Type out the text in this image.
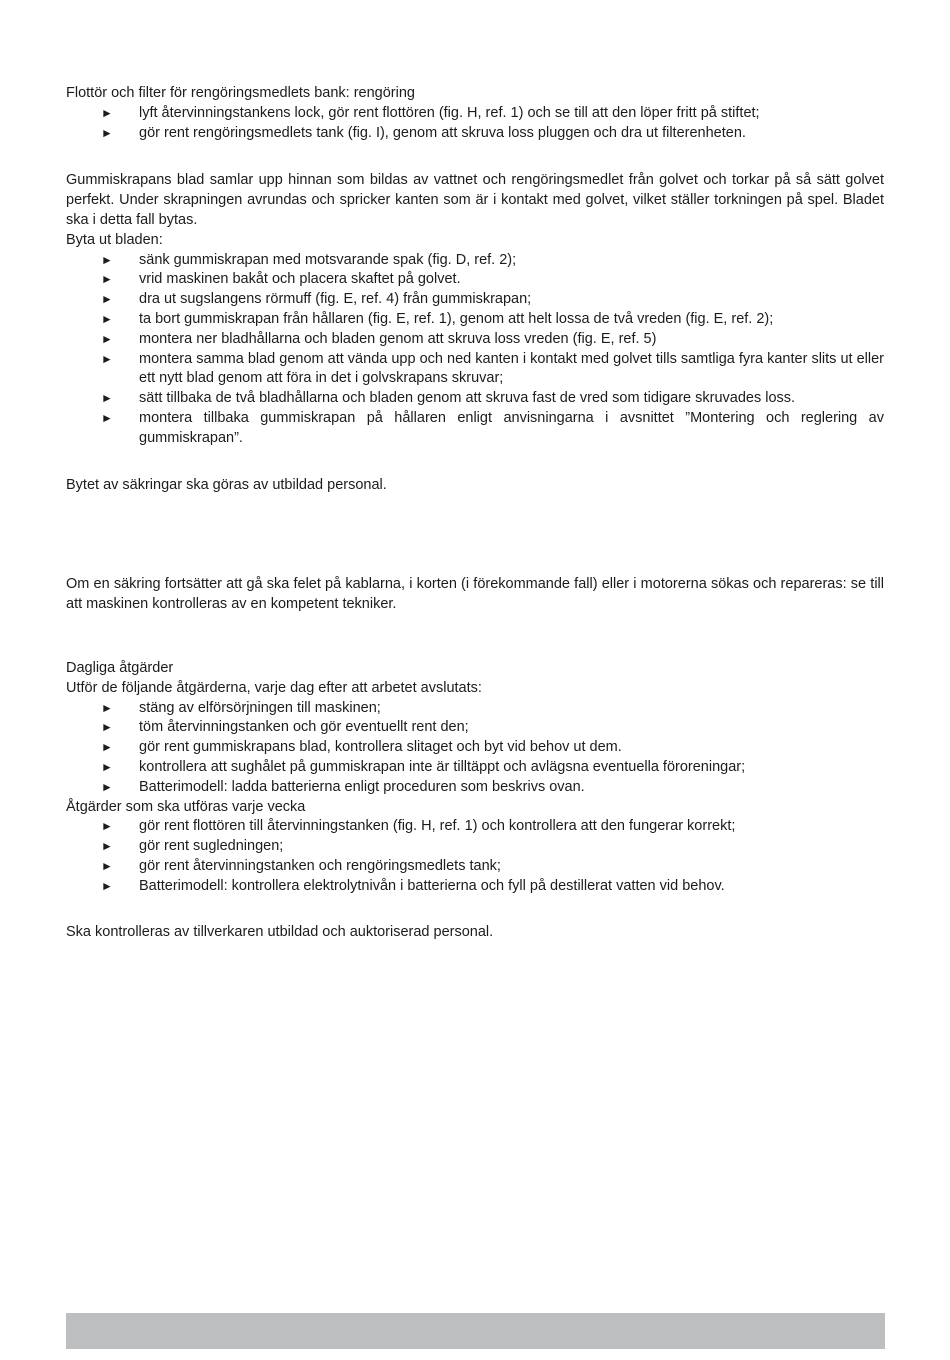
Flottör och filter för rengöringsmedlets bank: rengöring

► lyft återvinningstankens lock, gör rent flottören (fig. H, ref. 1) och se till att den löper fritt på stiftet;
► gör rent rengöringsmedlets tank (fig. I), genom att skruva loss pluggen och dra ut filterenheten.

Gummiskrapans blad samlar upp hinnan som bildas av vattnet och rengöringsmedlet från golvet och torkar på så sätt golvet perfekt. Under skrapningen avrundas och spricker kanten som är i kontakt med golvet, vilket ställer torkningen på spel. Bladet ska i detta fall bytas.

Byta ut bladen:

► sänk gummiskrapan med motsvarande spak (fig. D, ref. 2);
► vrid maskinen bakåt och placera skaftet på golvet.
► dra ut sugslangens rörmuff (fig. E, ref. 4) från gummiskrapan;
► ta bort gummiskrapan från hållaren (fig. E, ref. 1), genom att helt lossa de två vreden (fig. E, ref. 2);
► montera ner bladhållarna och bladen genom att skruva loss vreden (fig. E, ref. 5)
► montera samma blad genom att vända upp och ned kanten i kontakt med golvet tills samtliga fyra kanter slits ut eller ett nytt blad genom att föra in det i golvskrapans skruvar;
► sätt tillbaka de två bladhållarna och bladen genom att skruva fast de vred som tidigare skruvades loss.
► montera tillbaka gummiskrapan på hållaren enligt anvisningarna i avsnittet ”Montering och reglering av gummiskrapan”.

Bytet av säkringar ska göras av utbildad personal.

Om en säkring fortsätter att gå ska felet på kablarna, i korten (i förekommande fall) eller i motorerna sökas och repareras: se till att maskinen kontrolleras av en kompetent tekniker.

Dagliga åtgärder

Utför de följande åtgärderna, varje dag efter att arbetet avslutats:

► stäng av elförsörjningen till maskinen;
► töm återvinningstanken och gör eventuellt rent den;
► gör rent gummiskrapans blad, kontrollera slitaget och byt vid behov ut dem.
► kontrollera att sughålet på gummiskrapan inte är tilltäppt och avlägsna eventuella föroreningar;
► Batterimodell: ladda batterierna enligt proceduren som beskrivs ovan.

Åtgärder som ska utföras varje vecka

► gör rent flottören till återvinningstanken (fig. H, ref. 1) och kontrollera att den fungerar korrekt;
► gör rent sugledningen;
► gör rent återvinningstanken och rengöringsmedlets tank;
► Batterimodell: kontrollera elektrolytnivån i batterierna och fyll på destillerat vatten vid behov.

Ska kontrolleras av tillverkaren utbildad och auktoriserad personal.
